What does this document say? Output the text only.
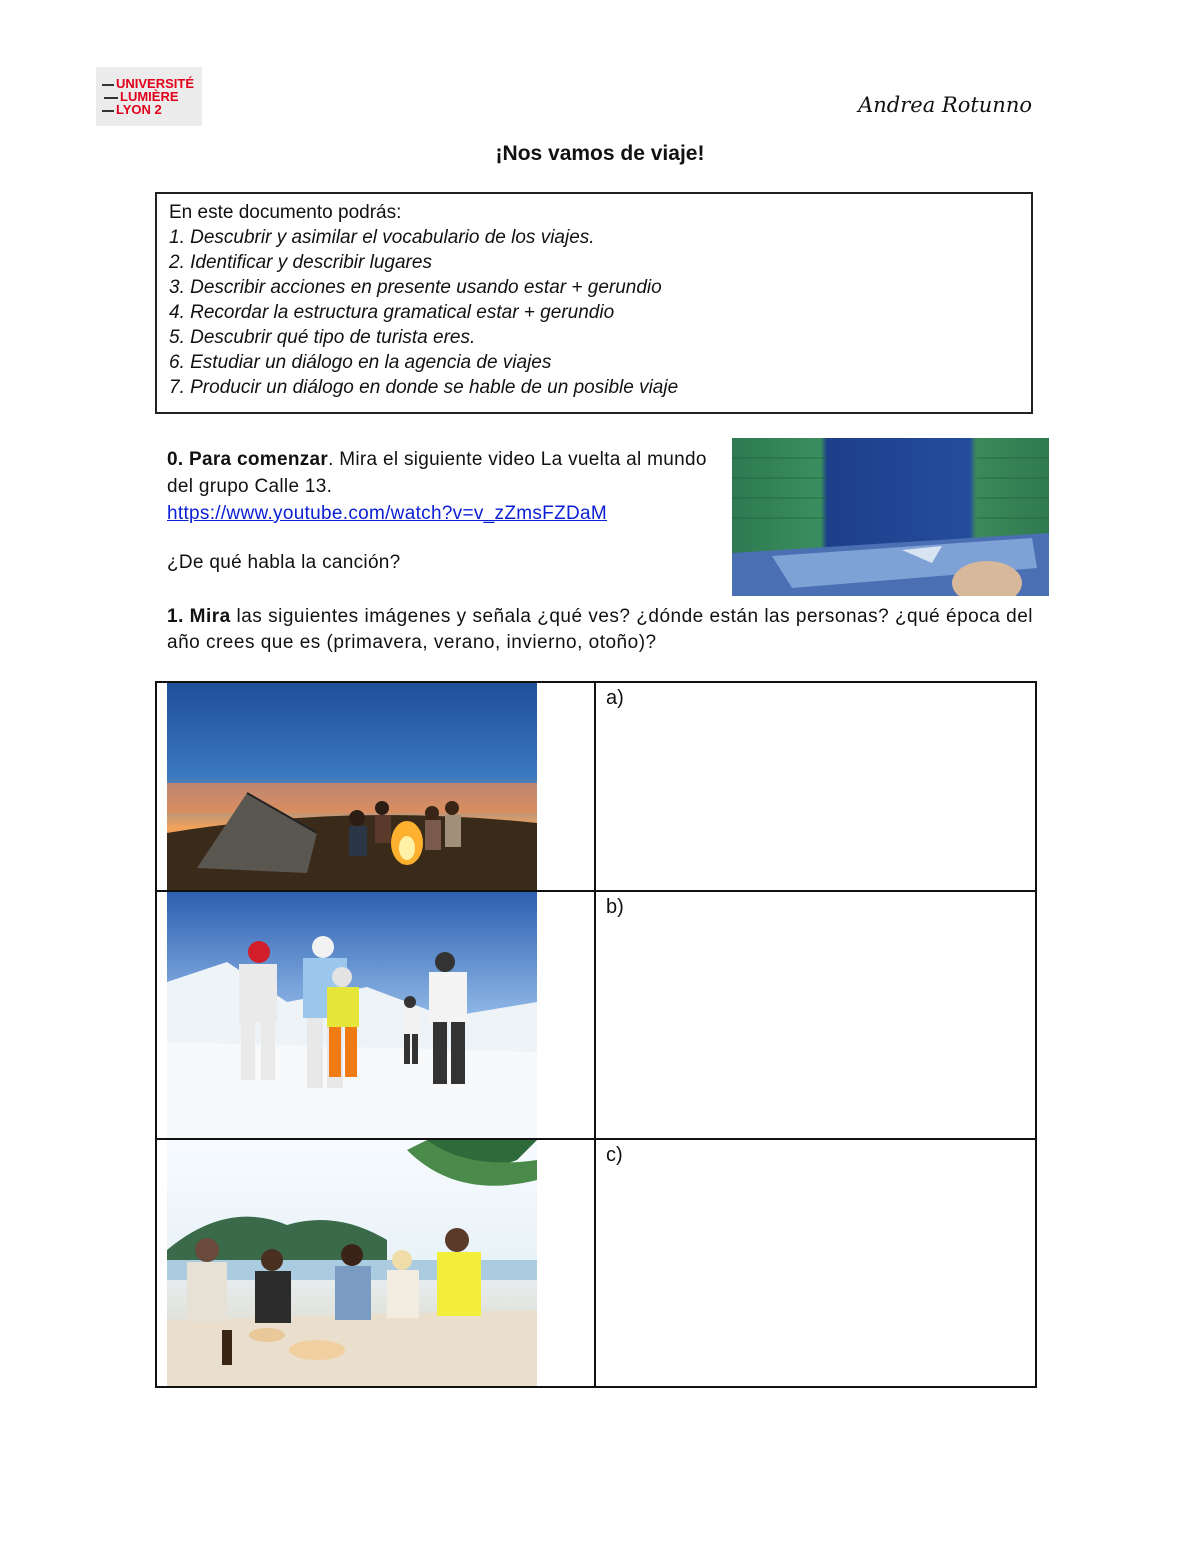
UNIVERSITÉ
LUMIÈRE
LYON 2	Andrea Rotunno
¡Nos vamos de viaje!
En este documento podrás:
1. Descubrir y asimilar el vocabulario de los viajes.
2. Identificar y describir lugares
3. Describir acciones en presente usando estar + gerundio
4. Recordar la estructura gramatical estar + gerundio
5. Descubrir qué tipo de turista eres.
6. Estudiar un diálogo en la agencia de viajes
7. Producir un diálogo en donde se hable de un posible viaje
0. Para comenzar. Mira el siguiente video La vuelta al mundo del grupo Calle 13.
https://www.youtube.com/watch?v=v_zZmsFZDaM
¿De qué habla la canción?
1. Mira las siguientes imágenes y señala ¿qué ves? ¿dónde están las personas? ¿qué época del año crees que es (primavera, verano, invierno, otoño)?
	a)

	b)

	c)
